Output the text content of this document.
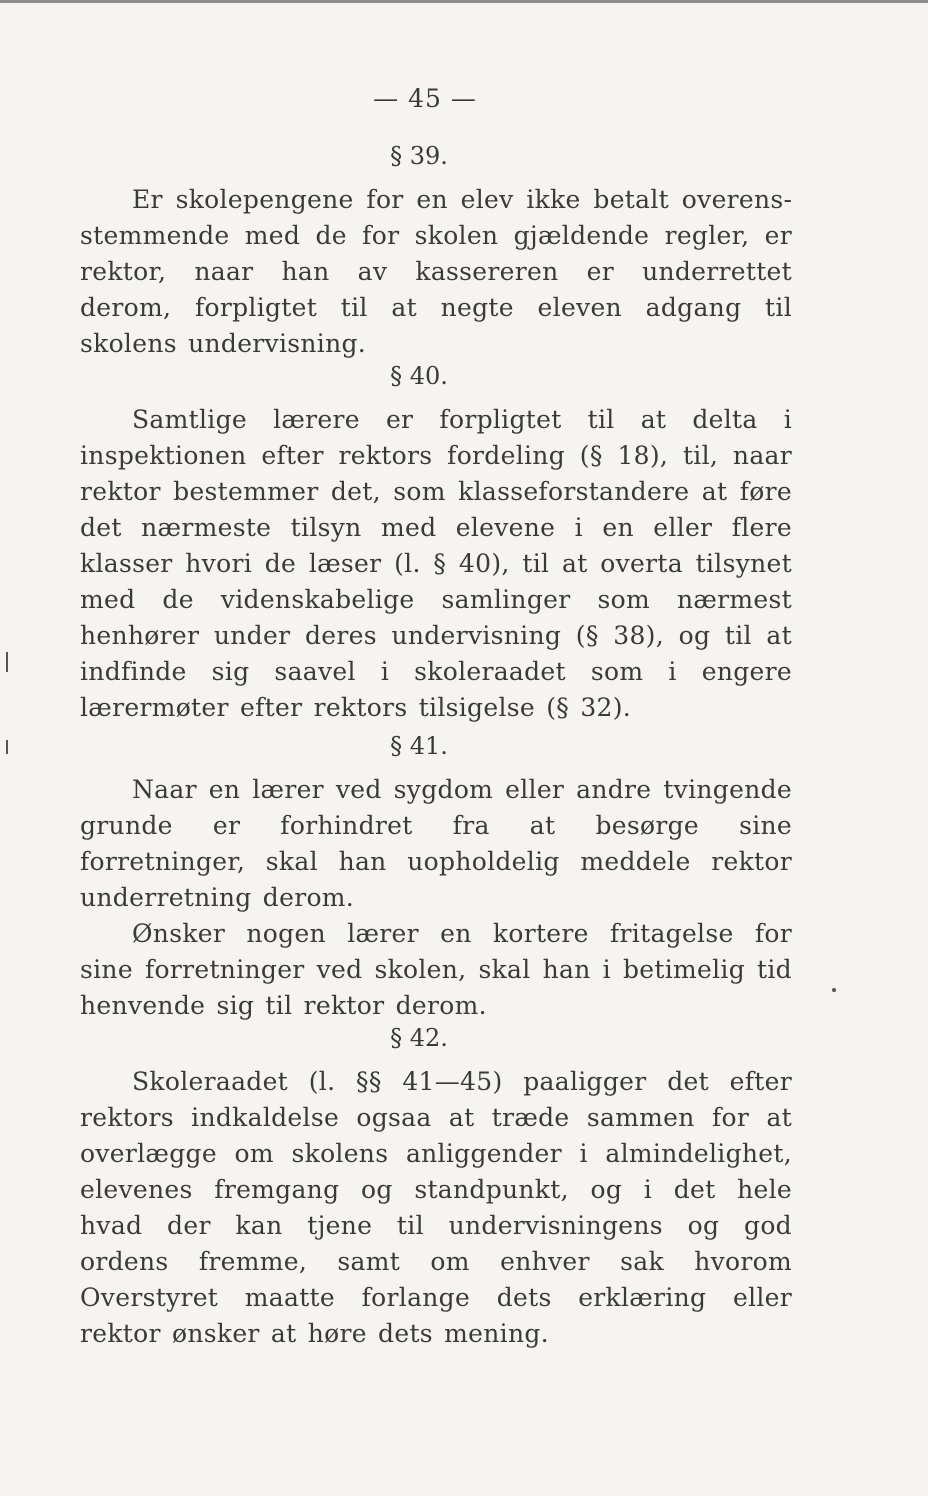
— 45 —
§ 39.

Er skolepengene for en elev ikke betalt overensstemmende med de for skolen gjældende regler, er rektor, naar han av kassereren er underrettet derom, forpligtet til at negte eleven adgang til skolens undervisning.

§ 40.

Samtlige lærere er forpligtet til at delta i inspektionen efter rektors fordeling (§ 18), til, naar rektor bestemmer det, som klasseforstandere at føre det nærmeste tilsyn med elevene i en eller flere klasser hvori de læser (l. § 40), til at overta tilsynet med de videnskabelige samlinger som nærmest henhører under deres undervisning (§ 38), og til at indfinde sig saavel i skoleraadet som i engere lærermøter efter rektors tilsigelse (§ 32).

§ 41.

Naar en lærer ved sygdom eller andre tvingende grunde er forhindret fra at besørge sine forretninger, skal han uopholdelig meddele rektor underretning derom.

Ønsker nogen lærer en kortere fritagelse for sine forretninger ved skolen, skal han i betimelig tid henvende sig til rektor derom.

§ 42.

Skoleraadet (l. §§ 41—45) paaligger det efter rektors indkaldelse ogsaa at træde sammen for at overlægge om skolens anliggender i almindelighet, elevenes fremgang og standpunkt, og i det hele hvad der kan tjene til undervisningens og god ordens fremme, samt om enhver sak hvorom Overstyret maatte forlange dets erklæring eller rektor ønsker at høre dets mening.
